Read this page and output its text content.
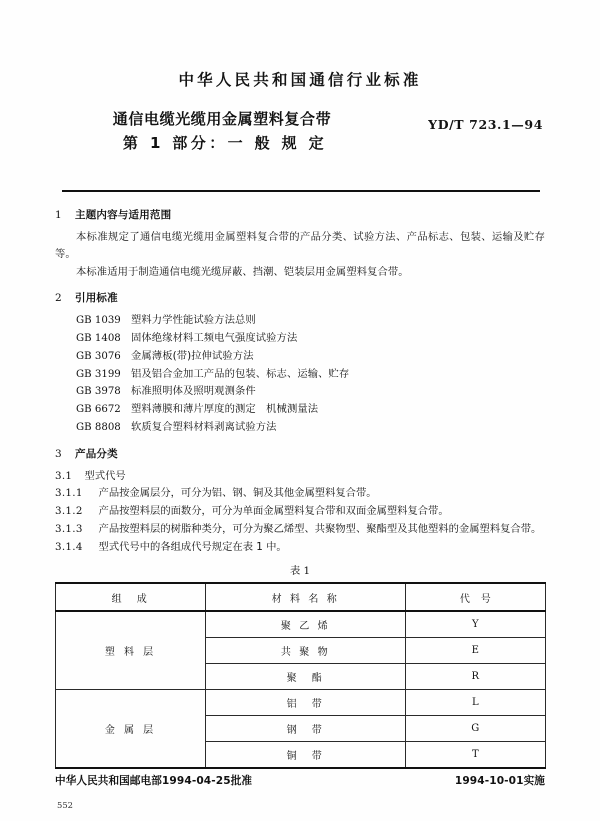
中华人民共和国通信行业标准
通信电缆光缆用金属塑料复合带
第 1 部分：一 般 规 定
YD/T 723.1—94
1 主题内容与适用范围

本标准规定了通信电缆光缆用金属塑料复合带的产品分类、试验方法、产品标志、包装、运输及贮存等。

本标准适用于制造通信电缆光缆屏蔽、挡潮、铠装层用金属塑料复合带。

2 引用标准
GB 1039 塑料力学性能试验方法总则
GB 1408 固体绝缘材料工频电气强度试验方法
GB 3076 金属薄板(带)拉伸试验方法
GB 3199 铝及铝合金加工产品的包装、标志、运输、贮存
GB 3978 标准照明体及照明观测条件
GB 6672 塑料薄膜和薄片厚度的测定　机械测量法
GB 8808 软质复合塑料材料剥离试验方法
3 产品分类

3.1 型式代号

3.1.1 产品按金属层分，可分为铝、钢、铜及其他金属塑料复合带。

3.1.2 产品按塑料层的面数分，可分为单面金属塑料复合带和双面金属塑料复合带。

3.1.3 产品按塑料层的树脂种类分，可分为聚乙烯型、共聚物型、聚酯型及其他塑料的金属塑料复合带。

3.1.4 型式代号中的各组成代号规定在表 1 中。

表 1
组　成	材 料 名 称	代　号
塑 料 层	聚 乙 烯	Y
	共 聚 物	E
	聚　酯	R
金 属 层	铝　带	L
	钢　带	G
	铜　带	T
中华人民共和国邮电部1994-04-25批准	1994-10-01实施
552
